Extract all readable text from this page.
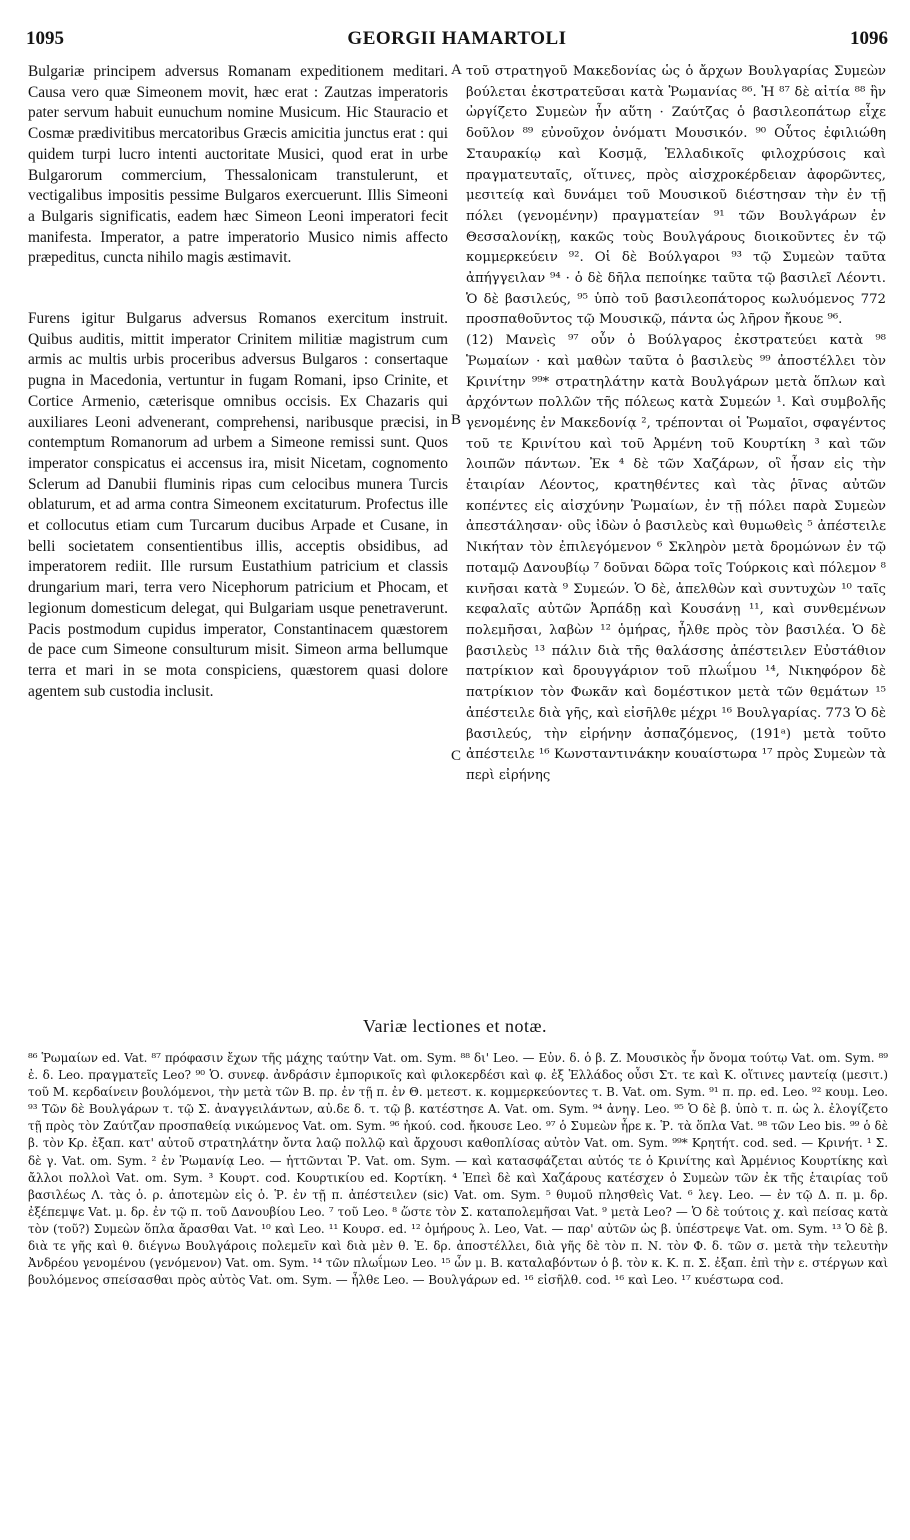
1095	GEORGII HAMARTOLI	1096

Bulgariæ principem adversus Romanam expeditionem meditari. Causa vero quæ Simeonem movit, hæc erat : Zautzas imperatoris pater servum habuit eunuchum nomine Musicum. Hic Stauracio et Cosmæ prædivitibus mercatoribus Græcis amicitia junctus erat : qui quidem turpi lucro intenti auctoritate Musici, quod erat in urbe Bulgarorum commercium, Thessalonicam transtulerunt, et vectigalibus impositis pessime Bulgaros exercuerunt. Illis Simeoni a Bulgaris significatis, eadem hæc Simeon Leoni imperatori fecit manifesta. Imperator, a patre imperatorio Musico nimis affecto præpeditus, cuncta nihilo magis æstimavit.

Furens igitur Bulgarus adversus Romanos exercitum instruit. Quibus auditis, mittit imperator Crinitem militiæ magistrum cum armis ac multis urbis proceribus adversus Bulgaros : consertaque pugna in Macedonia, vertuntur in fugam Romani, ipso Crinite, et Cortice Armenio, cæterisque omnibus occisis. Ex Chazaris qui auxiliares Leoni advenerant, comprehensi, naribusque præcisi, in contemptum Romanorum ad urbem a Simeone remissi sunt. Quos imperator conspicatus ei accensus ira, misit Nicetam, cognomento Sclerum ad Danubii fluminis ripas cum celocibus munera Turcis oblaturum, et ad arma contra Simeonem excitaturum. Profectus ille et collocutus etiam cum Turcarum ducibus Arpade et Cusane, in belli societatem consentientibus illis, acceptis obsidibus, ad imperatorem rediit. Ille rursum Eustathium patricium et classis drungarium mari, terra vero Nicephorum patricium et Phocam, et legionum domesticum delegat, qui Bulgariam usque penetraverunt. Pacis postmodum cupidus imperator, Constantinacem quæstorem de pace cum Simeone consulturum misit. Simeon arma bellumque terra et mari in se mota conspiciens, quæstorem quasi dolore agentem sub custodia inclusit.

A
B
C

τοῦ στρατηγοῦ Μακεδονίας ὡς ὁ ἄρχων Βουλγαρίας Συμεὼν βούλεται ἐκστρατεῦσαι κατὰ Ῥωμανίας ⁸⁶. Ἡ ⁸⁷ δὲ αἰτία ⁸⁸ ἣν ὠργίζετο Συμεὼν ἦν αὕτη · Ζαύτζας ὁ βασιλεοπάτωρ εἶχε δοῦλον ⁸⁹ εὐνοῦχον ὀνόματι Μουσικόν. ⁹⁰ Οὗτος ἐφιλιώθη Σταυρακίῳ καὶ Κοσμᾷ, Ἑλλαδικοῖς φιλοχρύσοις καὶ πραγματευταῖς, οἵτινες, πρὸς αἰσχροκέρδειαν ἀφορῶντες, μεσιτείᾳ καὶ δυνάμει τοῦ Μουσικοῦ διέστησαν τὴν ἐν τῇ πόλει (γενομένην) πραγματείαν ⁹¹ τῶν Βουλγάρων ἐν Θεσσαλονίκῃ, κακῶς τοὺς Βουλγάρους διοικοῦντες ἐν τῷ κομμερκεύειν ⁹². Οἱ δὲ Βούλγαροι ⁹³ τῷ Συμεὼν ταῦτα ἀπήγγειλαν ⁹⁴ · ὁ δὲ δῆλα πεποίηκε ταῦτα τῷ βασιλεῖ Λέοντι. Ὁ δὲ βασιλεύς, ⁹⁵ ὑπὸ τοῦ βασιλεοπάτορος κωλυόμενος 772 προσπαθοῦντος τῷ Μουσικῷ, πάντα ὡς λῆρον ἤκουε ⁹⁶.

(12) Μανεὶς ⁹⁷ οὖν ὁ Βούλγαρος ἐκστρατεύει κατὰ ⁹⁸ Ῥωμαίων · καὶ μαθὼν ταῦτα ὁ βασιλεὺς ⁹⁹ ἀποστέλλει τὸν Κρινίτην ⁹⁹* στρατηλάτην κατὰ Βουλγάρων μετὰ ὅπλων καὶ ἀρχόντων πολλῶν τῆς πόλεως κατὰ Συμεών ¹. Καὶ συμβολῆς γενομένης ἐν Μακεδονίᾳ ², τρέπονται οἱ Ῥωμαῖοι, σφαγέντος τοῦ τε Κρινίτου καὶ τοῦ Ἀρμένη τοῦ Κουρτίκη ³ καὶ τῶν λοιπῶν πάντων. Ἐκ ⁴ δὲ τῶν Χαζάρων, οἳ ἦσαν εἰς τὴν ἑταιρίαν Λέοντος, κρατηθέντες καὶ τὰς ῥῖνας αὐτῶν κοπέντες εἰς αἰσχύνην Ῥωμαίων, ἐν τῇ πόλει παρὰ Συμεὼν ἀπεστάλησαν· οὓς ἰδὼν ὁ βασιλεὺς καὶ θυμωθεὶς ⁵ ἀπέστειλε Νικήταν τὸν ἐπιλεγόμενον ⁶ Σκληρὸν μετὰ δρομώνων ἐν τῷ ποταμῷ Δανουβίῳ ⁷ δοῦναι δῶρα τοῖς Τούρκοις καὶ πόλεμον ⁸ κινῆσαι κατὰ ⁹ Συμεών. Ὁ δὲ, ἀπελθὼν καὶ συντυχὼν ¹⁰ ταῖς κεφαλαῖς αὐτῶν Ἀρπάδῃ καὶ Κουσάνῃ ¹¹, καὶ συνθεμένων πολεμῆσαι, λαβὼν ¹² ὁμήρας, ἦλθε πρὸς τὸν βασιλέα. Ὁ δὲ βασιλεὺς ¹³ πάλιν διὰ τῆς θαλάσσης ἀπέστειλεν Εὐστάθιον πατρίκιον καὶ δρουγγάριον τοῦ πλωΐμου ¹⁴, Νικηφόρον δὲ πατρίκιον τὸν Φωκᾶν καὶ δομέστικον μετὰ τῶν θεμάτων ¹⁵ ἀπέστειλε διὰ γῆς, καὶ εἰσῆλθε μέχρι ¹⁶ Βουλγαρίας. 773 Ὁ δὲ βασιλεύς, τὴν εἰρήνην ἀσπαζόμενος, (191ᵃ) μετὰ τοῦτο ἀπέστειλε ¹⁶ Κωνσταντινάκην κουαίστωρα ¹⁷ πρὸς Συμεὼν τὰ περὶ εἰρήνης

Variæ lectiones et notæ.

⁸⁶ Ῥωμαίων ed. Vat. ⁸⁷ πρόφασιν ἔχων τῆς μάχης ταύτην Vat. om. Sym. ⁸⁸ δι' Leo. — Εὐν. δ. ὁ β. Ζ. Μουσικὸς ἦν ὄνομα τούτῳ Vat. om. Sym. ⁸⁹ ἐ. δ. Leo. πραγματεῖς Leo? ⁹⁰ Ὁ. συνεφ. ἀνδράσιν ἐμπορικοῖς καὶ φιλοκερδέσι καὶ φ. ἐξ Ἑλλάδος οὖσι Στ. τε καὶ Κ. οἵτινες μαντείᾳ (μεσιτ.) τοῦ Μ. κερδαίνειν βουλόμενοι, τὴν μετὰ τῶν Β. πρ. ἐν τῇ π. ἐν Θ. μετεστ. κ. κομμερκεύοντες τ. Β. Vat. om. Sym. ⁹¹ π. πρ. ed. Leo. ⁹² κουμ. Leo. ⁹³ Τῶν δὲ Βουλγάρων τ. τῷ Σ. ἀναγγειλάντων, αὐ.δε δ. τ. τῷ β. κατέστησε Α. Vat. om. Sym. ⁹⁴ ἀνηγ. Leo. ⁹⁵ Ὁ δὲ β. ὑπὸ τ. π. ὡς λ. ἐλογίζετο τῇ πρὸς τὸν Ζαύτζαν προσπαθείᾳ νικώμενος Vat. om. Sym. ⁹⁶ ἠκού. cod. ἤκουσε Leo. ⁹⁷ ὁ Συμεὼν ἦρε κ. Ῥ. τὰ ὅπλα Vat. ⁹⁸ τῶν Leo bis. ⁹⁹ ὁ δὲ β. τὸν Κρ. ἐξαπ. κατ' αὐτοῦ στρατηλάτην ὄντα λαῷ πολλῷ καὶ ἄρχουσι καθοπλίσας αὐτὸν Vat. om. Sym. ⁹⁹* Κρητήτ. cod. sed. — Κρινήτ. ¹ Σ. δὲ γ. Vat. om. Sym. ² ἐν Ῥωμανίᾳ Leo. — ἡττῶνται Ῥ. Vat. om. Sym. — καὶ κατασφάζεται αὐτός τε ὁ Κρινίτης καὶ Ἀρμένιος Κουρτίκης καὶ ἄλλοι πολλοὶ Vat. om. Sym. ³ Κουρτ. cod. Κουρτικίου ed. Κορτίκη. ⁴ Ἐπεὶ δὲ καὶ Χαζάρους κατέσχεν ὁ Συμεὼν τῶν ἐκ τῆς ἑταιρίας τοῦ βασιλέως Λ. τὰς ὁ. ρ. ἀποτεμὼν εἰς ὁ. Ῥ. ἐν τῇ π. ἀπέστειλεν (sic) Vat. om. Sym. ⁵ θυμοῦ πλησθεὶς Vat. ⁶ λεγ. Leo. — ἐν τῷ Δ. π. μ. δρ. ἐξέπεμψε Vat. μ. δρ. ἐν τῷ π. τοῦ Δανουβίου Leo. ⁷ τοῦ Leo. ⁸ ὥστε τὸν Σ. καταπολεμῆσαι Vat. ⁹ μετὰ Leo? — Ὁ δὲ τούτοις χ. καὶ πείσας κατὰ τὸν (τοῦ?) Συμεὼν ὅπλα ἄρασθαι Vat. ¹⁰ καὶ Leo. ¹¹ Κουρσ. ed. ¹² ὁμήρους λ. Leo, Vat. — παρ' αὐτῶν ὡς β. ὑπέστρεψε Vat. om. Sym. ¹³ Ὁ δὲ β. διὰ τε γῆς καὶ θ. διέγνω Βουλγάροις πολεμεῖν καὶ διὰ μὲν θ. Ἐ. δρ. ἀποστέλλει, διὰ γῆς δὲ τὸν π. Ν. τὸν Φ. δ. τῶν σ. μετὰ τὴν τελευτὴν Ἀνδρέου γενομένου (γενόμενον) Vat. om. Sym. ¹⁴ τῶν πλωΐμων Leo. ¹⁵ ὧν μ. Β. καταλαβόντων ὁ β. τὸν κ. Κ. π. Σ. ἐξαπ. ἐπὶ τὴν ε. στέργων καὶ βουλόμενος σπείσασθαι πρὸς αὐτὸς Vat. om. Sym. — ἦλθε Leo. — Βουλγάρων ed. ¹⁶ εἰσῆλθ. cod. ¹⁶ καὶ Leo. ¹⁷ κυέστωρα cod.
